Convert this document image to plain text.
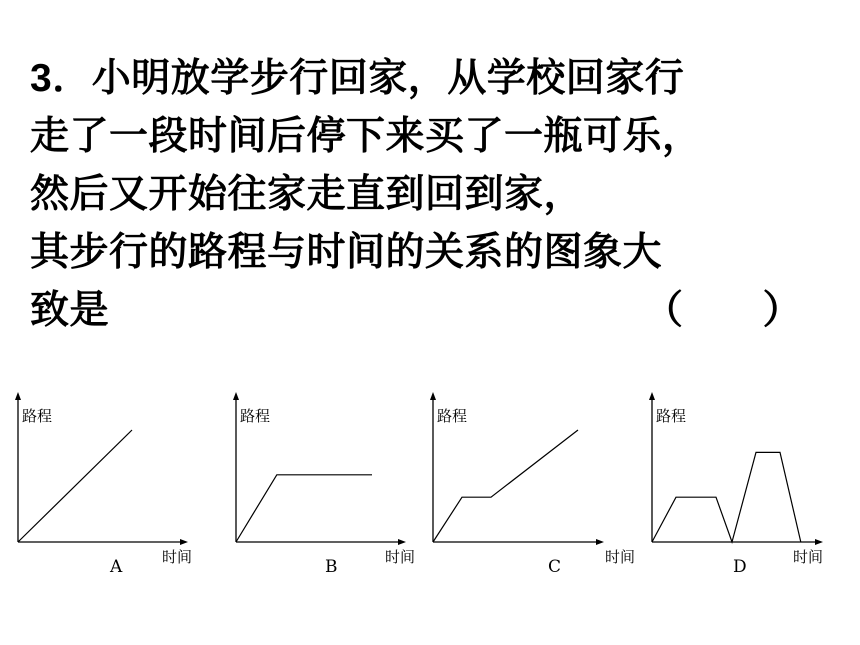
3．小明放学步行回家，从学校回家行
走了一段时间后停下来买了一瓶可乐，
然后又开始往家走直到回到家，
其步行的路程与时间的关系的图象大
致是	（　　）
路程
时间
A
路程
时间
B
路程
时间
C
路程
时间
D
